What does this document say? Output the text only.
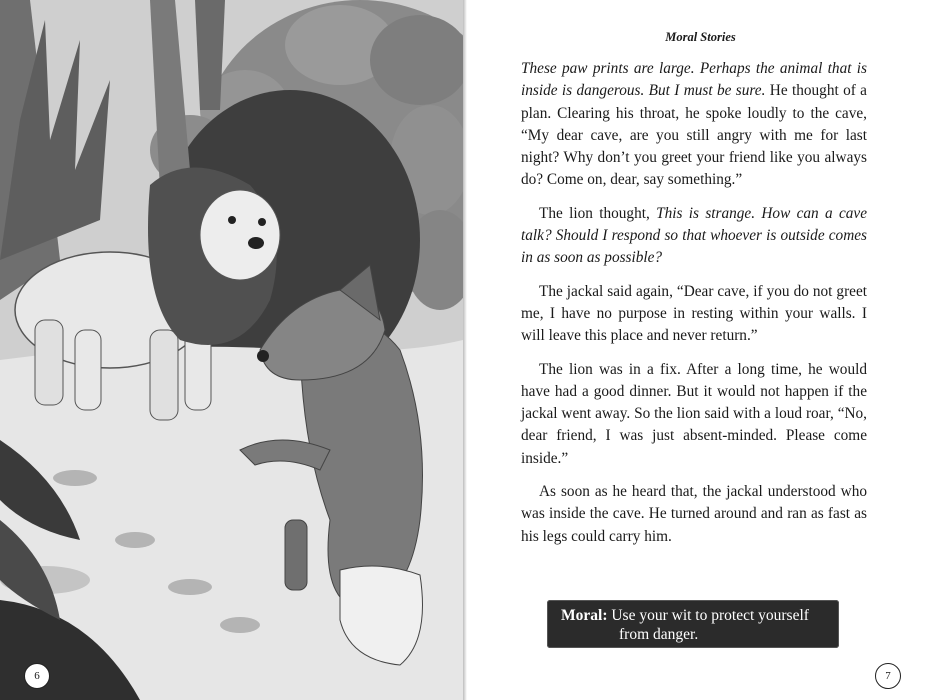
6
Moral Stories

These paw prints are large. Perhaps the animal that is inside is dangerous. But I must be sure. He thought of a plan. Clearing his throat, he spoke loudly to the cave, “My dear cave, are you still angry with me for last night? Why don’t you greet your friend like you always do? Come on, dear, say something.”

The lion thought, This is strange. How can a cave talk? Should I respond so that whoever is outside comes in as soon as possible?

The jackal said again, “Dear cave, if you do not greet me, I have no purpose in resting within your walls. I will leave this place and never return.”

The lion was in a fix. After a long time, he would have had a good dinner. But it would not happen if the jackal went away. So the lion said with a loud roar, “No, dear friend, I was just absent-minded. Please come inside.”

As soon as he heard that, the jackal understood who was inside the cave. He turned around and ran as fast as his legs could carry him.

Moral: Use your wit to protect yourself from danger.
7
